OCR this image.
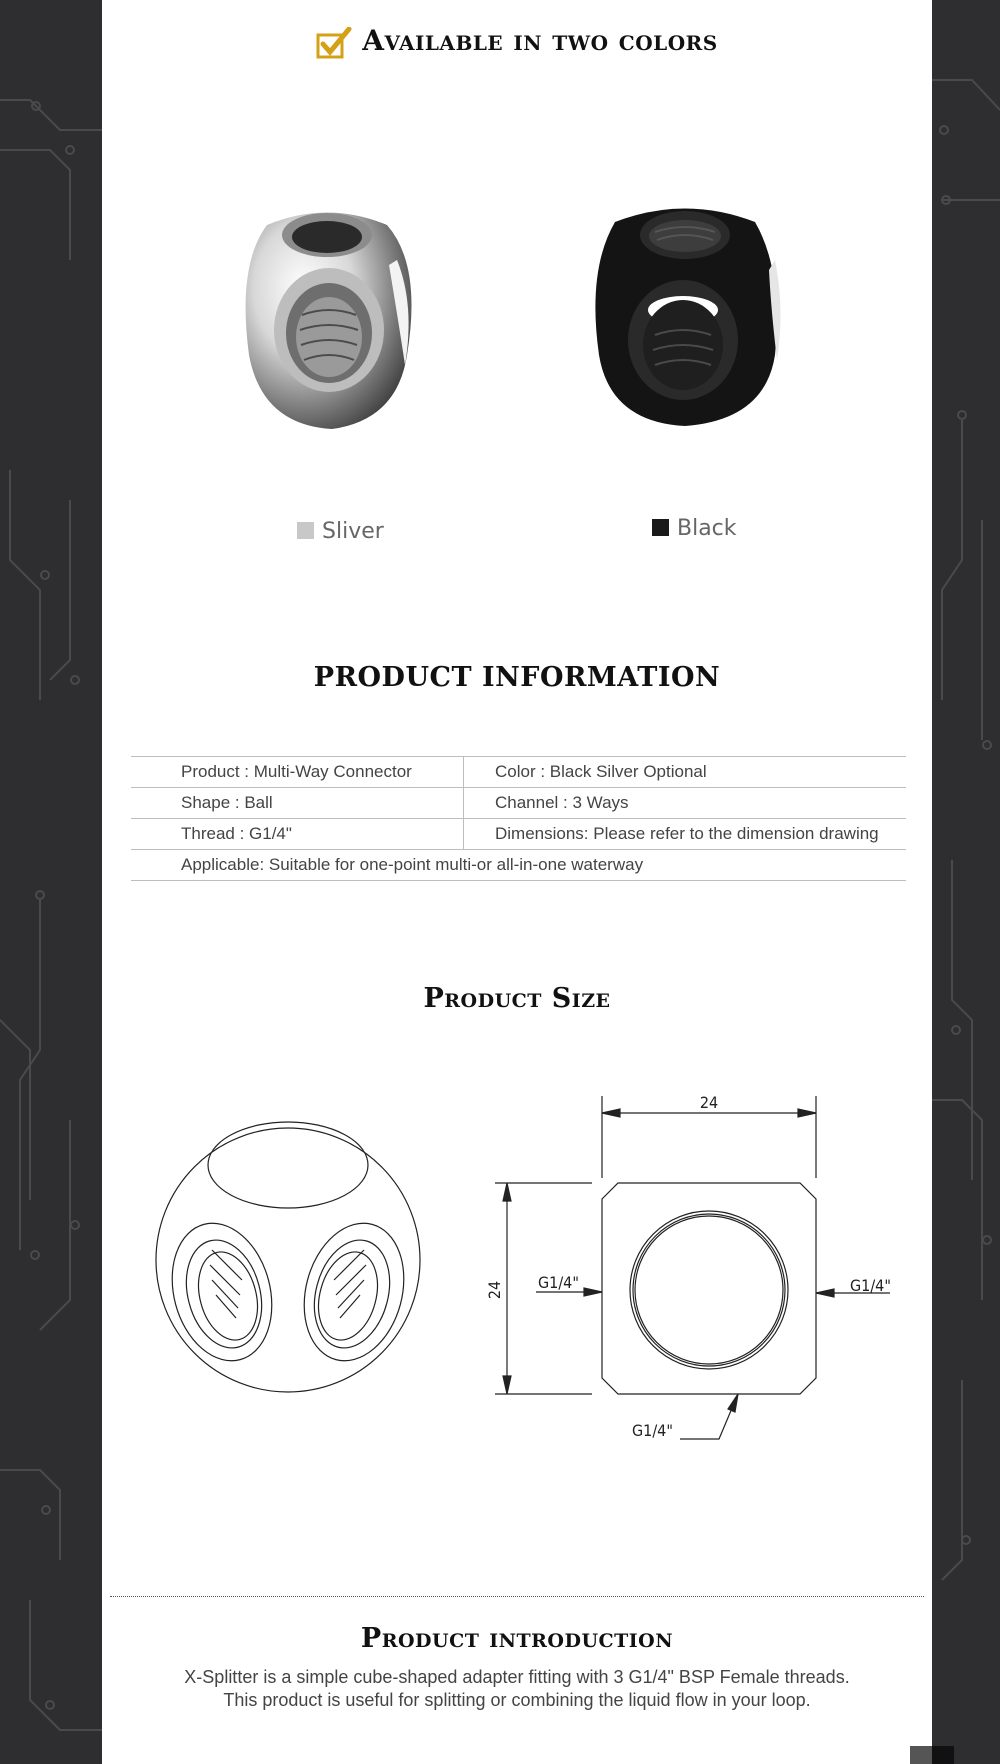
Available in two colors
Sliver	Black
PRODUCT INFORMATION
Product : Multi-Way Connector	Color : Black Silver Optional
Shape : Ball	Channel : 3 Ways
Thread : G1/4"	Dimensions: Please refer to the dimension drawing
Applicable: Suitable for one-point multi-or all-in-one waterway	
Product Size
24
24 G1/4"	G1/4"
G1/4"
Product introduction
X-Splitter is a simple cube-shaped adapter fitting with 3 G1/4" BSP Female threads.
This product is useful for splitting or combining the liquid flow in your loop.
